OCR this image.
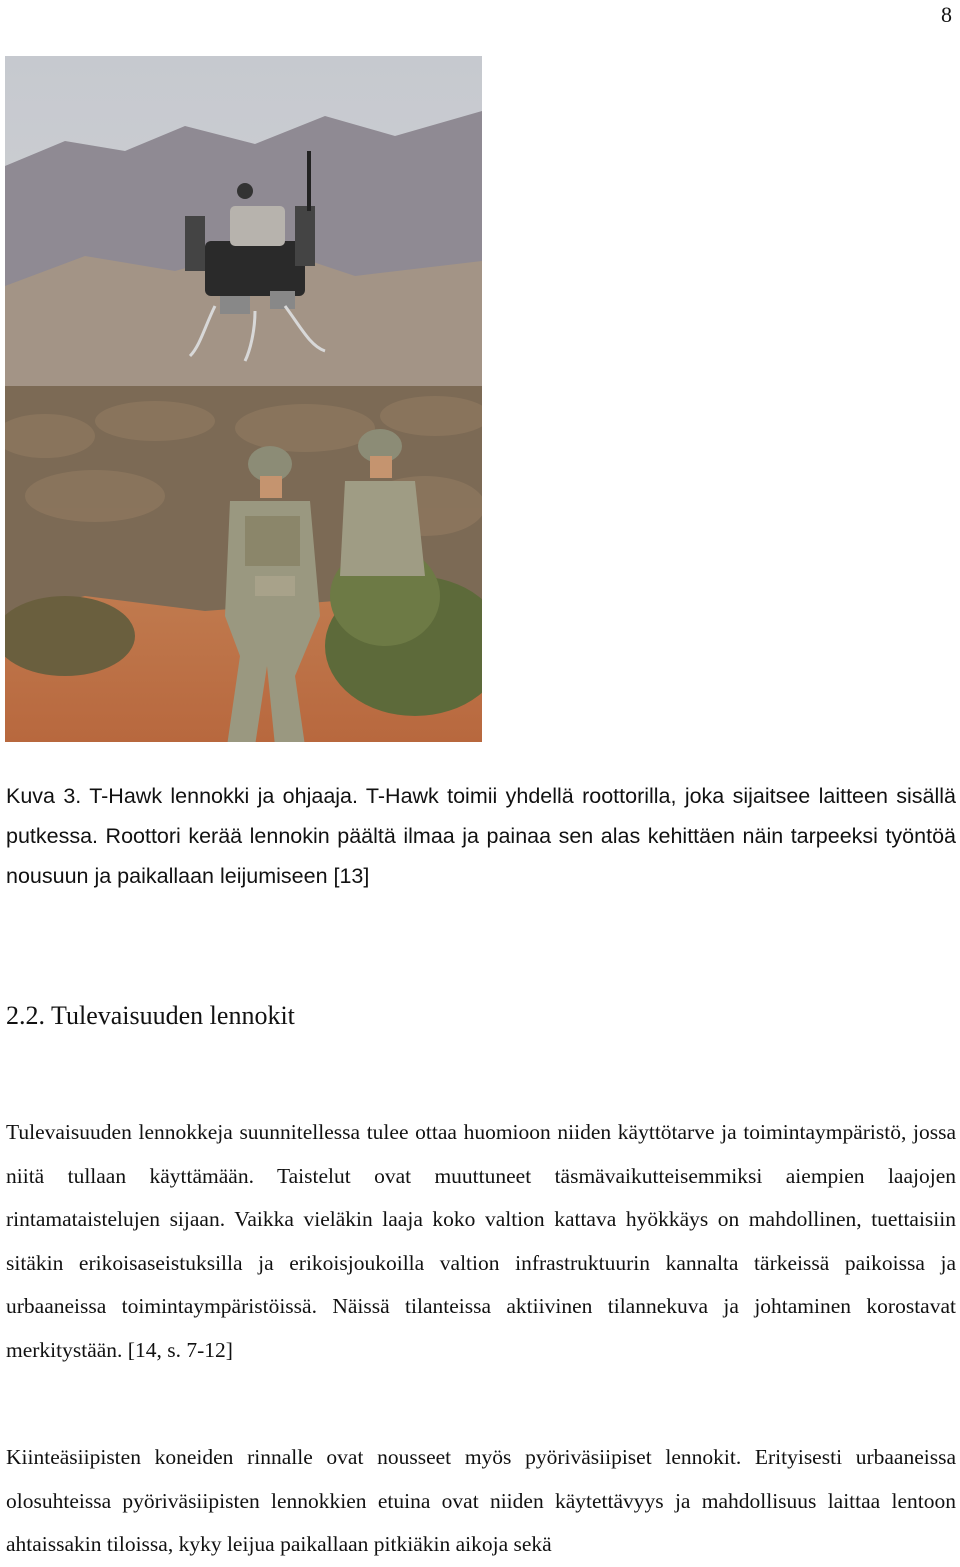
8

Kuva 3. T-Hawk lennokki ja ohjaaja. T-Hawk toimii yhdellä roottorilla, joka sijaitsee laitteen sisällä putkessa. Roottori kerää lennokin päältä ilmaa ja painaa sen alas kehittäen näin tarpeeksi työntöä nousuun ja paikallaan leijumiseen [13]

2.2. Tulevaisuuden lennokit

Tulevaisuuden lennokkeja suunnitellessa tulee ottaa huomioon niiden käyttötarve ja toimintaympäristö, jossa niitä tullaan käyttämään. Taistelut ovat muuttuneet täsmävaikutteisemmiksi aiempien laajojen rintamataistelujen sijaan. Vaikka vieläkin laaja koko valtion kattava hyökkäys on mahdollinen, tuettaisiin sitäkin erikoisaseistuksilla ja erikoisjoukoilla valtion infrastruktuurin kannalta tärkeissä paikoissa ja urbaaneissa toimintaympäristöissä. Näissä tilanteissa aktiivinen tilannekuva ja johtaminen korostavat merkitystään. [14, s. 7-12]

Kiinteäsiipisten koneiden rinnalle ovat nousseet myös pyöriväsiipiset lennokit. Erityisesti urbaaneissa olosuhteissa pyöriväsiipisten lennokkien etuina ovat niiden käytettävyys ja mahdollisuus laittaa lentoon ahtaissakin tiloissa, kyky leijua paikallaan pitkiäkin aikoja sekä
